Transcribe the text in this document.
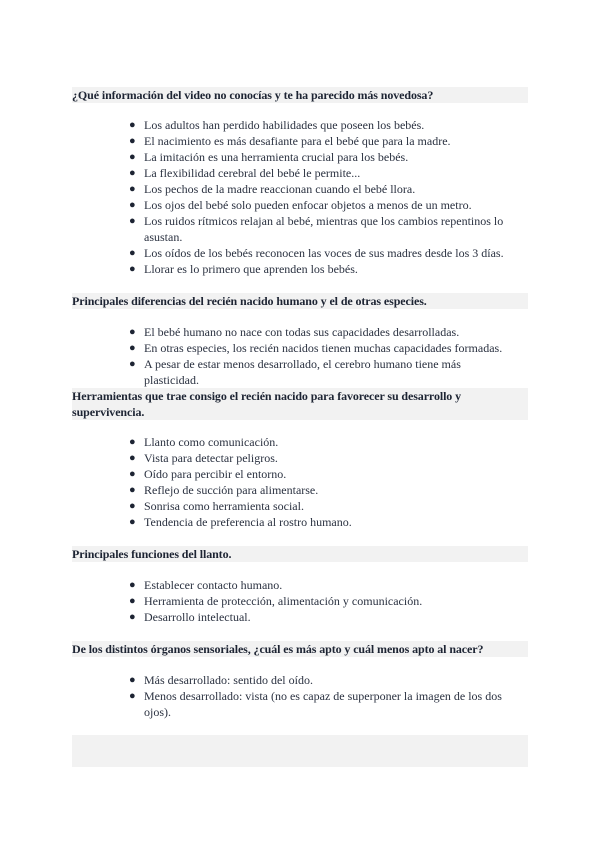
¿Qué información del video no conocías y te ha parecido más novedosa?

● Los adultos han perdido habilidades que poseen los bebés.
● El nacimiento es más desafiante para el bebé que para la madre.
● La imitación es una herramienta crucial para los bebés.
● La flexibilidad cerebral del bebé le permite...
● Los pechos de la madre reaccionan cuando el bebé llora.
● Los ojos del bebé solo pueden enfocar objetos a menos de un metro.
● Los ruidos rítmicos relajan al bebé, mientras que los cambios repentinos lo asustan.
● Los oídos de los bebés reconocen las voces de sus madres desde los 3 días.
● Llorar es lo primero que aprenden los bebés.

Principales diferencias del recién nacido humano y el de otras especies.

● El bebé humano no nace con todas sus capacidades desarrolladas.
● En otras especies, los recién nacidos tienen muchas capacidades formadas.
● A pesar de estar menos desarrollado, el cerebro humano tiene más plasticidad.

Herramientas que trae consigo el recién nacido para favorecer su desarrollo y supervivencia.

● Llanto como comunicación.
● Vista para detectar peligros.
● Oído para percibir el entorno.
● Reflejo de succión para alimentarse.
● Sonrisa como herramienta social.
● Tendencia de preferencia al rostro humano.

Principales funciones del llanto.

● Establecer contacto humano.
● Herramienta de protección, alimentación y comunicación.
● Desarrollo intelectual.

De los distintos órganos sensoriales, ¿cuál es más apto y cuál menos apto al nacer?

● Más desarrollado: sentido del oído.
● Menos desarrollado: vista (no es capaz de superponer la imagen de los dos ojos).
